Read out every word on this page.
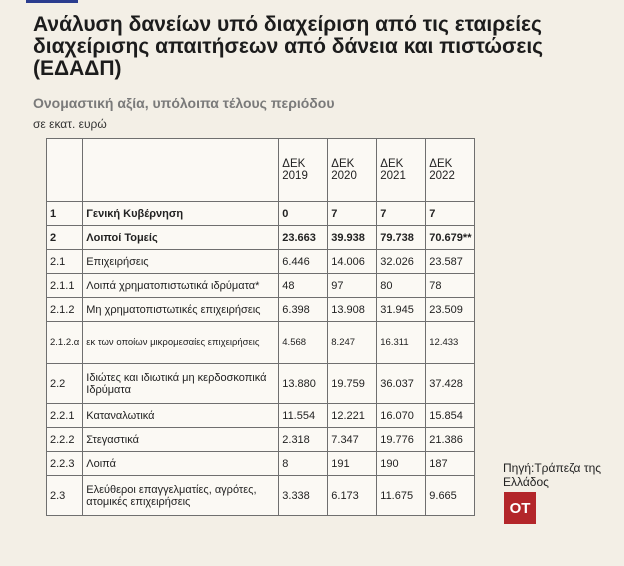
Ανάλυση δανείων υπό διαχείριση από τις εταιρείες διαχείρισης απαιτήσεων από δάνεια και πιστώσεις (ΕΔΑΔΠ)
Ονομαστική αξία, υπόλοιπα τέλους περιόδου
σε εκατ. ευρώ
		ΔΕΚ 2019	ΔΕΚ 2020	ΔΕΚ 2021	ΔΕΚ 2022
1	Γενική Κυβέρνηση	0	7	7	7
2	Λοιποί Τομείς	23.663	39.938	79.738	70.679**
2.1	Επιχειρήσεις	6.446	14.006	32.026	23.587
2.1.1	Λοιπά χρηματοπιστωτικά ιδρύματα*	48	97	80	78
2.1.2	Μη χρηματοπιστωτικές επιχειρήσεις	6.398	13.908	31.945	23.509
2.1.2.α	εκ των οποίων μικρομεσαίες επιχειρήσεις	4.568	8.247	16.311	12.433
2.2	Ιδιώτες και ιδιωτικά μη κερδοσκοπικά Ιδρύματα	13.880	19.759	36.037	37.428
2.2.1	Καταναλωτικά	11.554	12.221	16.070	15.854
2.2.2	Στεγαστικά	2.318	7.347	19.776	21.386
2.2.3	Λοιπά	8	191	190	187
2.3	Ελεύθεροι επαγγελματίες, αγρότες, ατομικές επιχειρήσεις	3.338	6.173	11.675	9.665
Πηγή:Τράπεζα της Ελλάδος
OT
